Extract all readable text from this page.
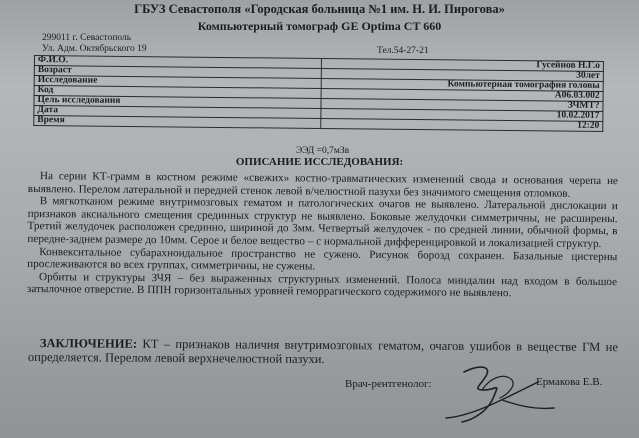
ГБУЗ Севастополя «Городская больница №1 им. Н. И. Пирогова»
Компьютерный томограф GE Optima CT 660
299011 г. Севастополь
Ул. Адм. Октябрьского 19	Тел.54-27-21
Ф.И.О.	Гусейнов Н.Г.о
Возраст	30лет
Исследование	Компьютерная томография головы
Код	A06.03.002
Цель исследования	ЗЧМТ?
Дата	10.02.2017
Время	12:20
ЭЭД =0,7мЗв
ОПИСАНИЕ ИССЛЕДОВАНИЯ:

На серии КТ-грамм в костном режиме «свежих» костно-травматических изменений свода и основания черепа не выявлено. Перелом латеральной и передней стенок левой в/челюстной пазухи без значимого смещения отломков.

В мягкотканом режиме внутримозговых гематом и патологических очагов не выявлено. Латеральной дислокации и признаков аксиального смещения срединных структур не выявлено. Боковые желудочки симметричны, не расширены. Третий желудочек расположен срединно, шириной до 3мм. Четвертый желудочек - по средней линии, обычной формы, в передне-заднем размере до 10мм. Серое и белое вещество – с нормальной дифференцировкой и локализацией структур.

Конвекситальное субарахноидальное пространство не сужено. Рисунок борозд сохранен. Базальные цистерны прослеживаются во всех группах, симметричны, не сужены.

Орбиты и структуры ЗЧЯ – без выраженных структурных изменений. Полоса миндалин над входом в большое затылочное отверстие. В ППН горизонтальных уровней геморрагического содержимого не выявлено.

ЗАКЛЮЧЕНИЕ: КТ – признаков наличия внутримозговых гематом, очагов ушибов в веществе ГМ не определяется. Перелом левой верхнечелюстной пазухи.
Врач-рентгенолог:	Ермакова Е.В.
